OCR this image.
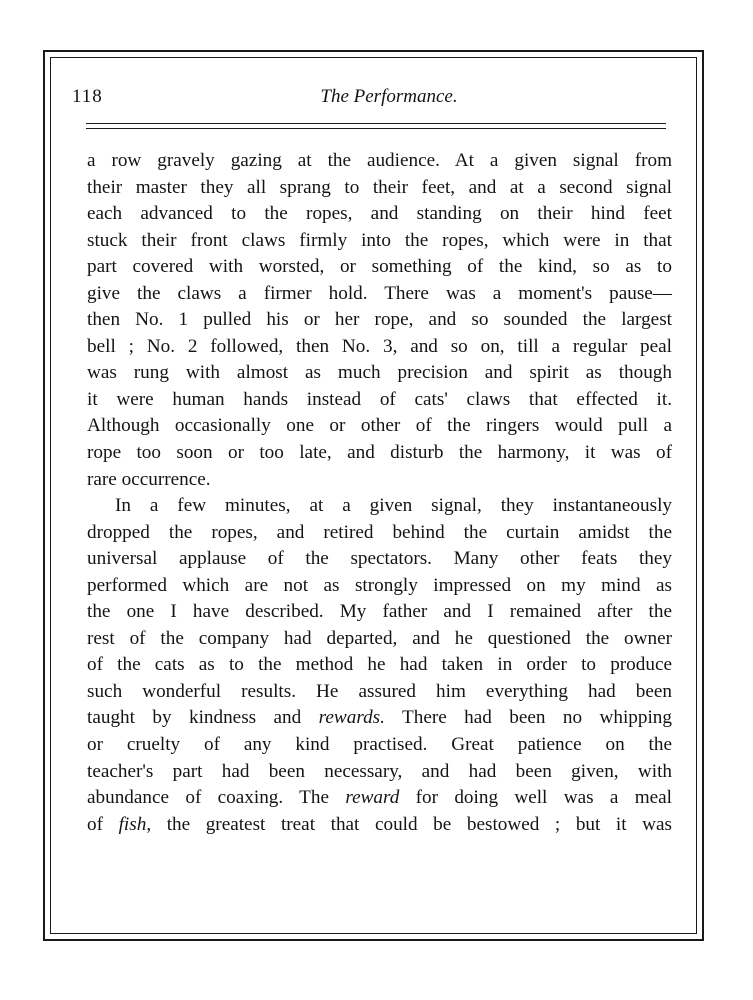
118	The Performance.
a row gravely gazing at the audience. At a given signal from
their master they all sprang to their feet, and at a second signal
each advanced to the ropes, and standing on their hind feet
stuck their front claws firmly into the ropes, which were in that
part covered with worsted, or something of the kind, so as to
give the claws a firmer hold. There was a moment's pause—
then No. 1 pulled his or her rope, and so sounded the largest
bell ; No. 2 followed, then No. 3, and so on, till a regular peal
was rung with almost as much precision and spirit as though
it were human hands instead of cats' claws that effected it.
Although occasionally one or other of the ringers would pull a
rope too soon or too late, and disturb the harmony, it was of
rare occurrence.
In a few minutes, at a given signal, they instantaneously
dropped the ropes, and retired behind the curtain amidst the
universal applause of the spectators. Many other feats they
performed which are not as strongly impressed on my mind as
the one I have described. My father and I remained after the
rest of the company had departed, and he questioned the owner
of the cats as to the method he had taken in order to produce
such wonderful results. He assured him everything had been
taught by kindness and rewards. There had been no whipping
or cruelty of any kind practised. Great patience on the
teacher's part had been necessary, and had been given, with
abundance of coaxing. The reward for doing well was a meal
of fish, the greatest treat that could be bestowed ; but it was
